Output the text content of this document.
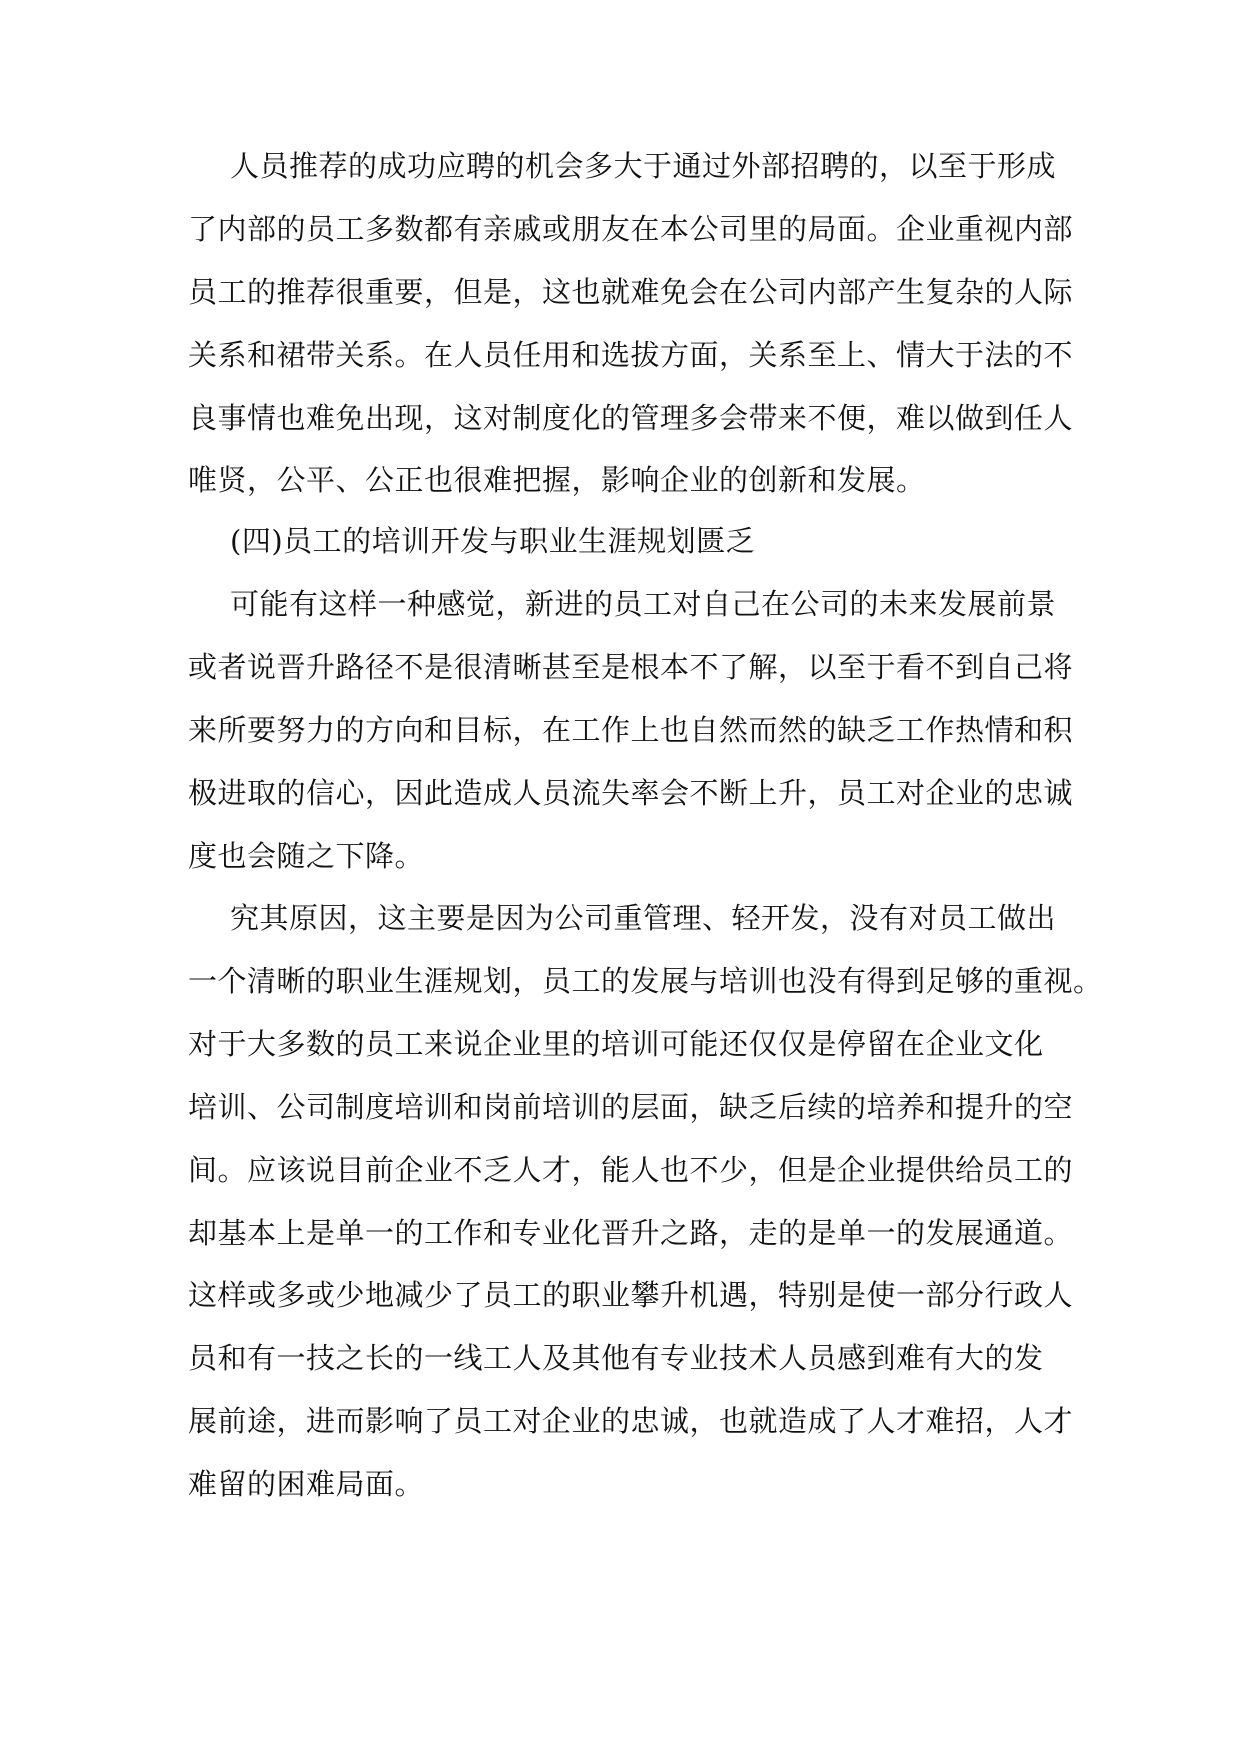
人员推荐的成功应聘的机会多大于通过外部招聘的，以至于形成
了内部的员工多数都有亲戚或朋友在本公司里的局面。企业重视内部
员工的推荐很重要，但是，这也就难免会在公司内部产生复杂的人际
关系和裙带关系。在人员任用和选拔方面，关系至上、情大于法的不
良事情也难免出现，这对制度化的管理多会带来不便，难以做到任人
唯贤，公平、公正也很难把握，影响企业的创新和发展。
(四)员工的培训开发与职业生涯规划匮乏
可能有这样一种感觉，新进的员工对自己在公司的未来发展前景
或者说晋升路径不是很清晰甚至是根本不了解，以至于看不到自己将
来所要努力的方向和目标，在工作上也自然而然的缺乏工作热情和积
极进取的信心，因此造成人员流失率会不断上升，员工对企业的忠诚
度也会随之下降。
究其原因，这主要是因为公司重管理、轻开发，没有对员工做出
一个清晰的职业生涯规划，员工的发展与培训也没有得到足够的重视。
对于大多数的员工来说企业里的培训可能还仅仅是停留在企业文化
培训、公司制度培训和岗前培训的层面，缺乏后续的培养和提升的空
间。应该说目前企业不乏人才，能人也不少，但是企业提供给员工的
却基本上是单一的工作和专业化晋升之路，走的是单一的发展通道。
这样或多或少地减少了员工的职业攀升机遇，特别是使一部分行政人
员和有一技之长的一线工人及其他有专业技术人员感到难有大的发
展前途，进而影响了员工对企业的忠诚，也就造成了人才难招，人才
难留的困难局面。
